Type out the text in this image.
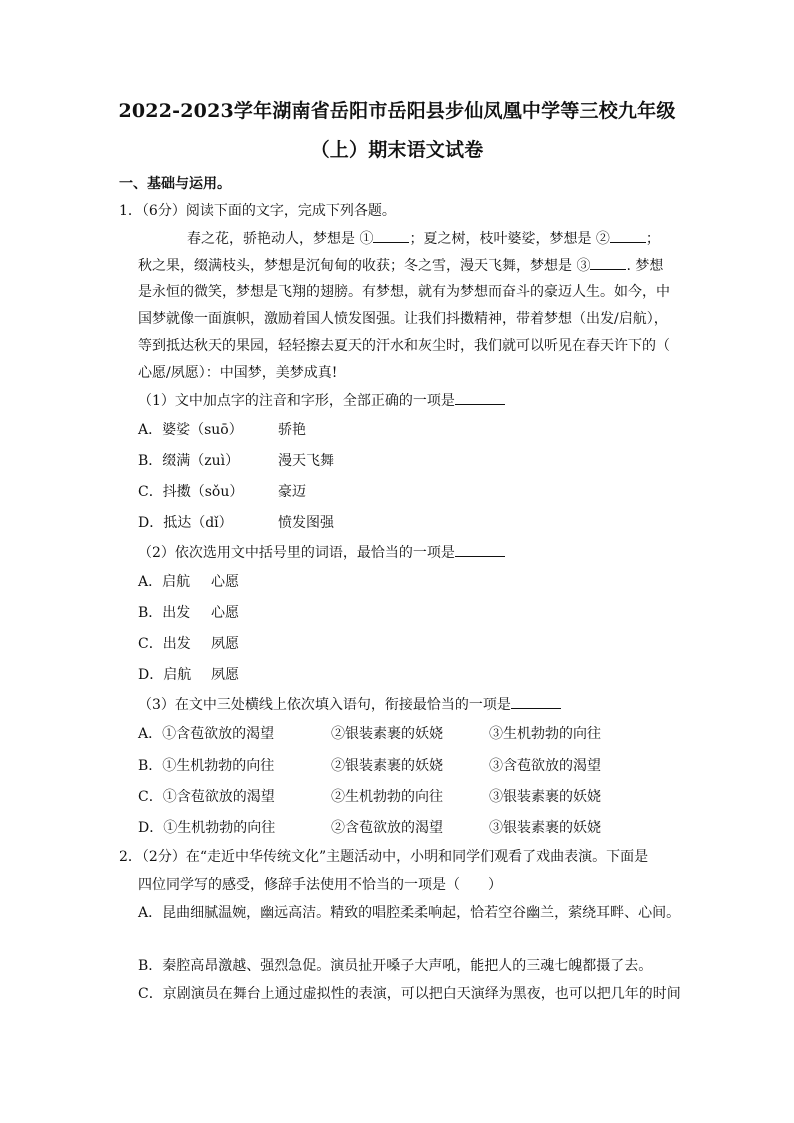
2022-2023学年湖南省岳阳市岳阳县步仙凤凰中学等三校九年级
（上）期末语文试卷
一、基础与运用。
1．（6分）阅读下面的文字，完成下列各题。
春之花，骄艳动人，梦想是 ①	；夏之树，枝叶婆娑，梦想是 ②	；
秋之果，缀满枝头，梦想是沉甸甸的收获；冬之雪，漫天飞舞，梦想是 ③	. 梦想
是永恒的微笑，梦想是飞翔的翅膀。有梦想，就有为梦想而奋斗的豪迈人生。如今，中
国梦就像一面旗帜，激励着国人愤发图强。让我们抖擞精神，带着梦想（出发/启航），
等到抵达秋天的果园，轻轻擦去夏天的汗水和灰尘时，我们就可以听见在春天许下的（
心愿/夙愿）：中国梦，美梦成真!
（1）文中加点字的注音和字形，全部正确的一项是
A．婆娑（suō）	骄艳
B．缀满（zuì）	漫天飞舞
C．抖擞（sǒu） 豪迈
D．抵达（dǐ）	愤发图强
（2）依次选用文中括号里的词语，最恰当的一项是
A．启航 心愿
B．出发 心愿
C．出发 夙愿
D．启航 夙愿
（3）在文中三处横线上依次填入语句，衔接最恰当的一项是
A．①含苞欲放的渴望	②银装素裹的妖娆	③生机勃勃的向往
B．①生机勃勃的向往	②银装素裹的妖娆	③含苞欲放的渴望
C．①含苞欲放的渴望	②生机勃勃的向往	③银装素裹的妖娆
D．①生机勃勃的向往	②含苞欲放的渴望	③银装素裹的妖娆
2．（2分）在“走近中华传统文化”主题活动中，小明和同学们观看了戏曲表演。下面是
四位同学写的感受，修辞手法使用不恰当的一项是（　　）
A．昆曲细腻温婉，幽远高洁。精致的唱腔柔柔响起，恰若空谷幽兰，萦绕耳畔、心间。
B．秦腔高昂激越、强烈急促。演员扯开嗓子大声吼，能把人的三魂七魄都摄了去。
C．京剧演员在舞台上通过虚拟性的表演，可以把白天演绎为黑夜，也可以把几年的时间
